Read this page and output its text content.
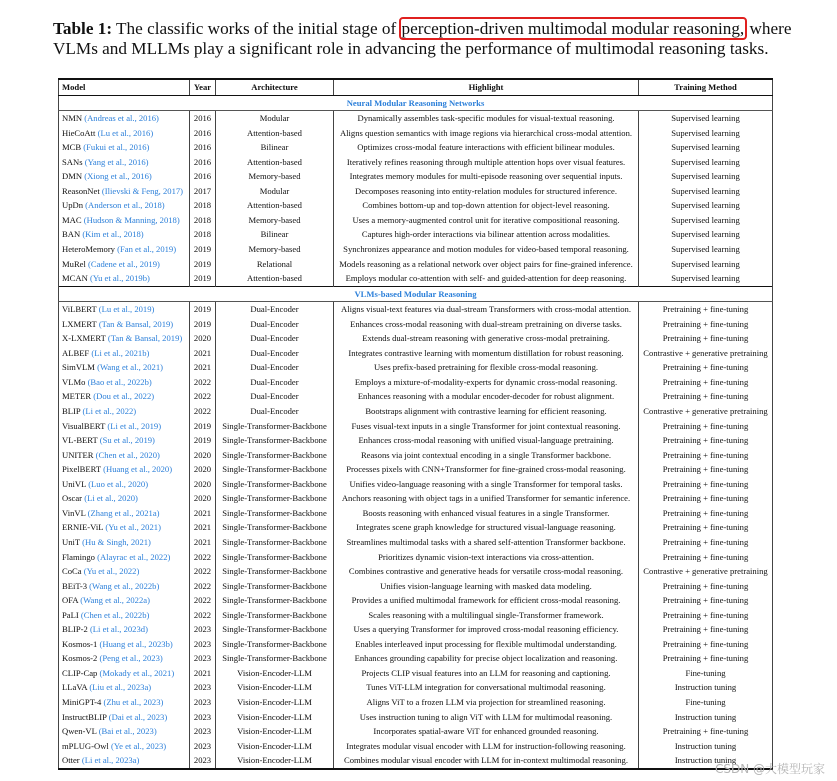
Table 1: The classific works of the initial stage of perception-driven multimodal modular reasoning, where VLMs and MLLMs play a significant role in advancing the performance of multimodal reasoning tasks.
Model	Year	Architecture	Highlight	Training Method
Neural Modular Reasoning Networks				
NMN (Andreas et al., 2016)	2016	Modular	Dynamically assembles task-specific modules for visual-textual reasoning.	Supervised learning
HieCoAtt (Lu et al., 2016)	2016	Attention-based	Aligns question semantics with image regions via hierarchical cross-modal attention.	Supervised learning
MCB (Fukui et al., 2016)	2016	Bilinear	Optimizes cross-modal feature interactions with efficient bilinear modules.	Supervised learning
SANs (Yang et al., 2016)	2016	Attention-based	Iteratively refines reasoning through multiple attention hops over visual features.	Supervised learning
DMN (Xiong et al., 2016)	2016	Memory-based	Integrates memory modules for multi-episode reasoning over sequential inputs.	Supervised learning
ReasonNet (Ilievski & Feng, 2017)	2017	Modular	Decomposes reasoning into entity-relation modules for structured inference.	Supervised learning
UpDn (Anderson et al., 2018)	2018	Attention-based	Combines bottom-up and top-down attention for object-level reasoning.	Supervised learning
MAC (Hudson & Manning, 2018)	2018	Memory-based	Uses a memory-augmented control unit for iterative compositional reasoning.	Supervised learning
BAN (Kim et al., 2018)	2018	Bilinear	Captures high-order interactions via bilinear attention across modalities.	Supervised learning
HeteroMemory (Fan et al., 2019)	2019	Memory-based	Synchronizes appearance and motion modules for video-based temporal reasoning.	Supervised learning
MuRel (Cadene et al., 2019)	2019	Relational	Models reasoning as a relational network over object pairs for fine-grained inference.	Supervised learning
MCAN (Yu et al., 2019b)	2019	Attention-based	Employs modular co-attention with self- and guided-attention for deep reasoning.	Supervised learning
VLMs-based Modular Reasoning				
ViLBERT (Lu et al., 2019)	2019	Dual-Encoder	Aligns visual-text features via dual-stream Transformers with cross-modal attention.	Pretraining + fine-tuning
LXMERT (Tan & Bansal, 2019)	2019	Dual-Encoder	Enhances cross-modal reasoning with dual-stream pretraining on diverse tasks.	Pretraining + fine-tuning
X-LXMERT (Tan & Bansal, 2019)	2020	Dual-Encoder	Extends dual-stream reasoning with generative cross-modal pretraining.	Pretraining + fine-tuning
ALBEF (Li et al., 2021b)	2021	Dual-Encoder	Integrates contrastive learning with momentum distillation for robust reasoning.	Contrastive + generative pretraining
SimVLM (Wang et al., 2021)	2021	Dual-Encoder	Uses prefix-based pretraining for flexible cross-modal reasoning.	Pretraining + fine-tuning
VLMo (Bao et al., 2022b)	2022	Dual-Encoder	Employs a mixture-of-modality-experts for dynamic cross-modal reasoning.	Pretraining + fine-tuning
METER (Dou et al., 2022)	2022	Dual-Encoder	Enhances reasoning with a modular encoder-decoder for robust alignment.	Pretraining + fine-tuning
BLIP (Li et al., 2022)	2022	Dual-Encoder	Bootstraps alignment with contrastive learning for efficient reasoning.	Contrastive + generative pretraining
VisualBERT (Li et al., 2019)	2019	Single-Transformer-Backbone	Fuses visual-text inputs in a single Transformer for joint contextual reasoning.	Pretraining + fine-tuning
VL-BERT (Su et al., 2019)	2019	Single-Transformer-Backbone	Enhances cross-modal reasoning with unified visual-language pretraining.	Pretraining + fine-tuning
UNITER (Chen et al., 2020)	2020	Single-Transformer-Backbone	Reasons via joint contextual encoding in a single Transformer backbone.	Pretraining + fine-tuning
PixelBERT (Huang et al., 2020)	2020	Single-Transformer-Backbone	Processes pixels with CNN+Transformer for fine-grained cross-modal reasoning.	Pretraining + fine-tuning
UniVL (Luo et al., 2020)	2020	Single-Transformer-Backbone	Unifies video-language reasoning with a single Transformer for temporal tasks.	Pretraining + fine-tuning
Oscar (Li et al., 2020)	2020	Single-Transformer-Backbone	Anchors reasoning with object tags in a unified Transformer for semantic inference.	Pretraining + fine-tuning
VinVL (Zhang et al., 2021a)	2021	Single-Transformer-Backbone	Boosts reasoning with enhanced visual features in a single Transformer.	Pretraining + fine-tuning
ERNIE-ViL (Yu et al., 2021)	2021	Single-Transformer-Backbone	Integrates scene graph knowledge for structured visual-language reasoning.	Pretraining + fine-tuning
UniT (Hu & Singh, 2021)	2021	Single-Transformer-Backbone	Streamlines multimodal tasks with a shared self-attention Transformer backbone.	Pretraining + fine-tuning
Flamingo (Alayrac et al., 2022)	2022	Single-Transformer-Backbone	Prioritizes dynamic vision-text interactions via cross-attention.	Pretraining + fine-tuning
CoCa (Yu et al., 2022)	2022	Single-Transformer-Backbone	Combines contrastive and generative heads for versatile cross-modal reasoning.	Contrastive + generative pretraining
BEiT-3 (Wang et al., 2022b)	2022	Single-Transformer-Backbone	Unifies vision-language learning with masked data modeling.	Pretraining + fine-tuning
OFA (Wang et al., 2022a)	2022	Single-Transformer-Backbone	Provides a unified multimodal framework for efficient cross-modal reasoning.	Pretraining + fine-tuning
PaLI (Chen et al., 2022b)	2022	Single-Transformer-Backbone	Scales reasoning with a multilingual single-Transformer framework.	Pretraining + fine-tuning
BLIP-2 (Li et al., 2023d)	2023	Single-Transformer-Backbone	Uses a querying Transformer for improved cross-modal reasoning efficiency.	Pretraining + fine-tuning
Kosmos-1 (Huang et al., 2023b)	2023	Single-Transformer-Backbone	Enables interleaved input processing for flexible multimodal understanding.	Pretraining + fine-tuning
Kosmos-2 (Peng et al., 2023)	2023	Single-Transformer-Backbone	Enhances grounding capability for precise object localization and reasoning.	Pretraining + fine-tuning
CLIP-Cap (Mokady et al., 2021)	2021	Vision-Encoder-LLM	Projects CLIP visual features into an LLM for reasoning and captioning.	Fine-tuning
LLaVA (Liu et al., 2023a)	2023	Vision-Encoder-LLM	Tunes ViT-LLM integration for conversational multimodal reasoning.	Instruction tuning
MiniGPT-4 (Zhu et al., 2023)	2023	Vision-Encoder-LLM	Aligns ViT to a frozen LLM via projection for streamlined reasoning.	Fine-tuning
InstructBLIP (Dai et al., 2023)	2023	Vision-Encoder-LLM	Uses instruction tuning to align ViT with LLM for multimodal reasoning.	Instruction tuning
Qwen-VL (Bai et al., 2023)	2023	Vision-Encoder-LLM	Incorporates spatial-aware ViT for enhanced grounded reasoning.	Pretraining + fine-tuning
mPLUG-Owl (Ye et al., 2023)	2023	Vision-Encoder-LLM	Integrates modular visual encoder with LLM for instruction-following reasoning.	Instruction tuning
Otter (Li et al., 2023a)	2023	Vision-Encoder-LLM	Combines modular visual encoder with LLM for in-context multimodal reasoning.	Instruction tuning
CSDN @大模型玩家
